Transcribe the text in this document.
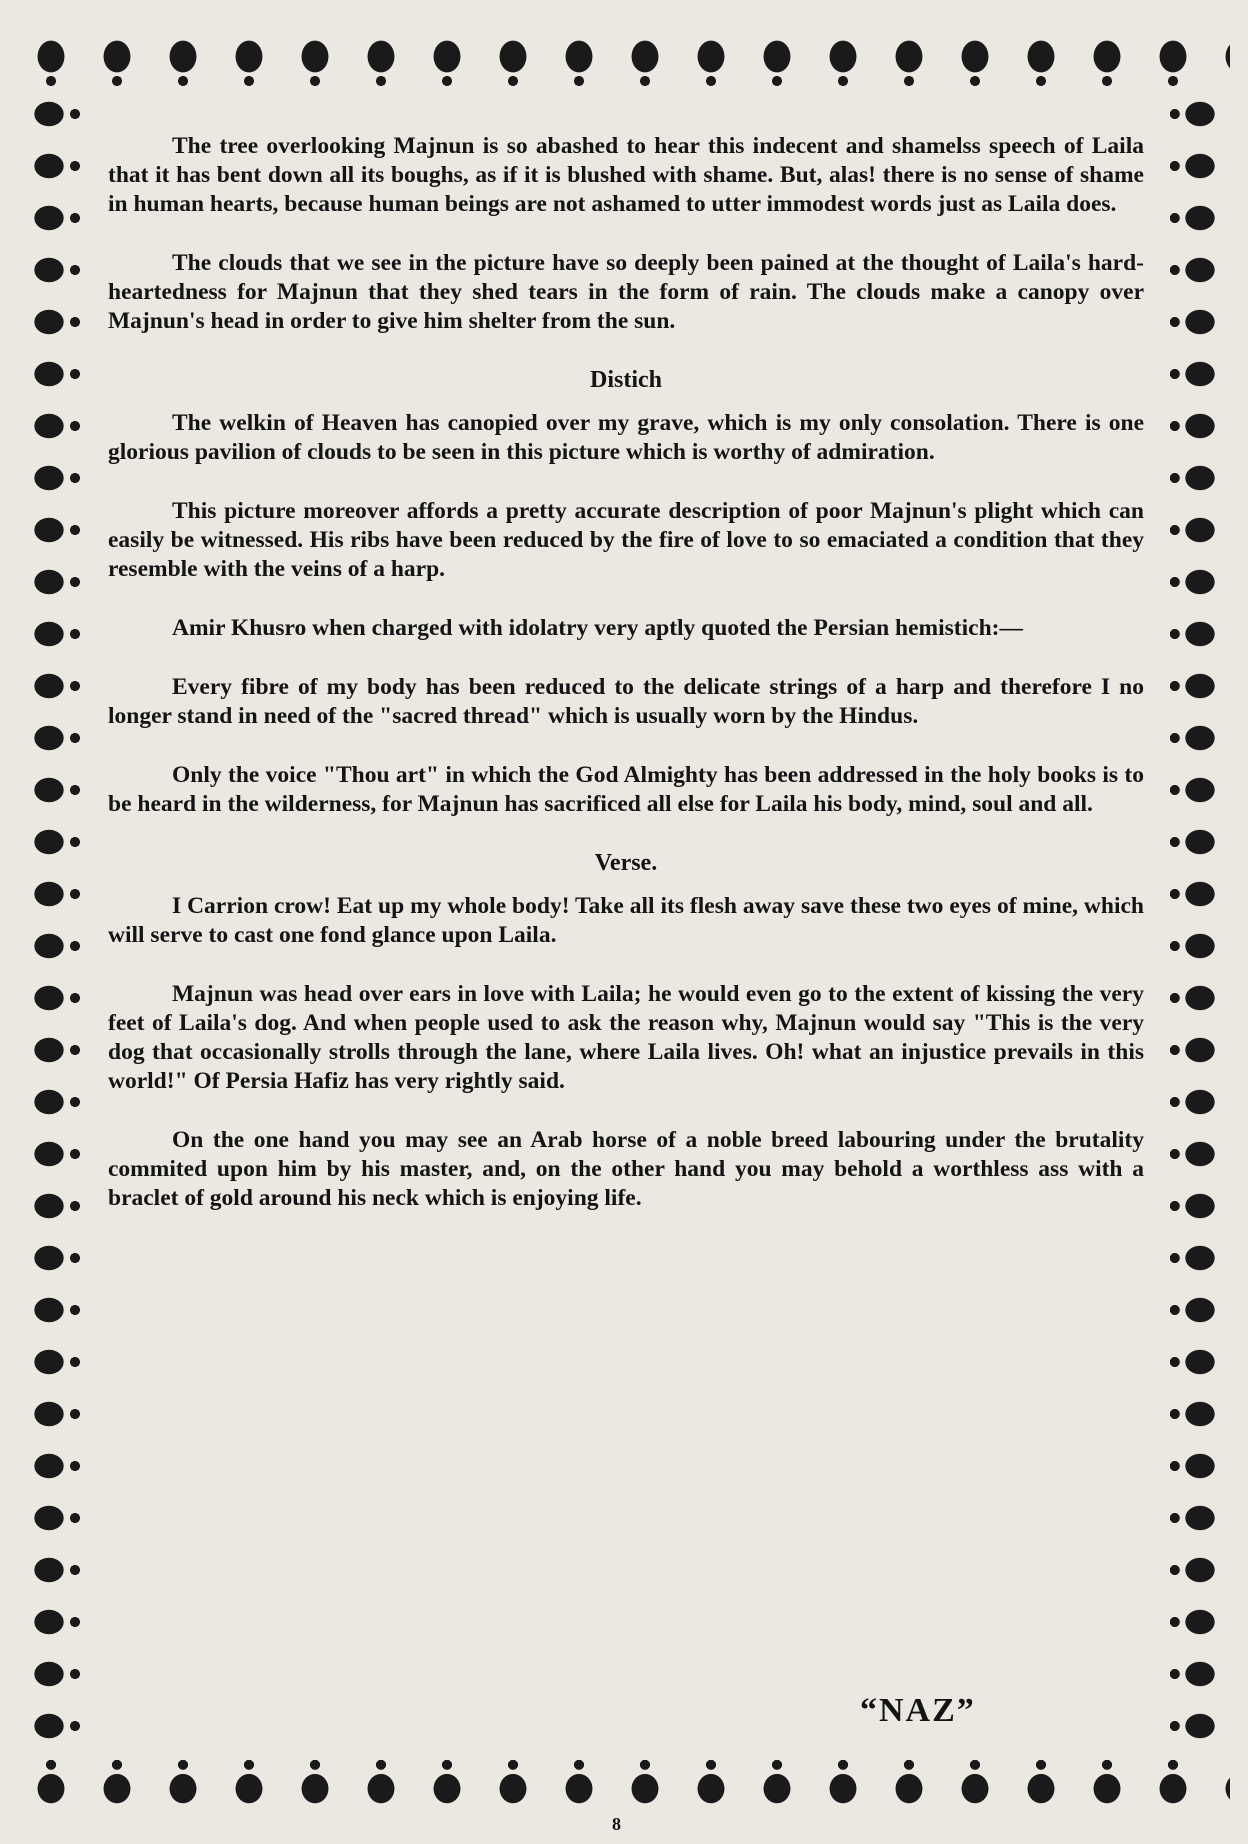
The tree overlooking Majnun is so abashed to hear this indecent and shamelss speech of Laila that it has bent down all its boughs, as if it is blushed with shame. But, alas! there is no sense of shame in human hearts, because human beings are not ashamed to utter immodest words just as Laila does.

The clouds that we see in the picture have so deeply been pained at the thought of Laila's hard-heartedness for Majnun that they shed tears in the form of rain. The clouds make a canopy over Majnun's head in order to give him shelter from the sun.

Distich

The welkin of Heaven has canopied over my grave, which is my only consolation. There is one glorious pavilion of clouds to be seen in this picture which is worthy of admiration.

This picture moreover affords a pretty accurate description of poor Majnun's plight which can easily be witnessed. His ribs have been reduced by the fire of love to so emaciated a condition that they resemble with the veins of a harp.

Amir Khusro when charged with idolatry very aptly quoted the Persian hemistich:—

Every fibre of my body has been reduced to the delicate strings of a harp and therefore I no longer stand in need of the "sacred thread" which is usually worn by the Hindus.

Only the voice "Thou art" in which the God Almighty has been addressed in the holy books is to be heard in the wilderness, for Majnun has sacrificed all else for Laila his body, mind, soul and all.

Verse.

I Carrion crow! Eat up my whole body! Take all its flesh away save these two eyes of mine, which will serve to cast one fond glance upon Laila.

Majnun was head over ears in love with Laila; he would even go to the extent of kissing the very feet of Laila's dog. And when people used to ask the reason why, Majnun would say "This is the very dog that occasionally strolls through the lane, where Laila lives. Oh! what an injustice prevails in this world!" Of Persia Hafiz has very rightly said.

On the one hand you may see an Arab horse of a noble breed labouring under the brutality commited upon him by his master, and, on the other hand you may behold a worthless ass with a braclet of gold around his neck which is enjoying life.

“NAZ”
8
